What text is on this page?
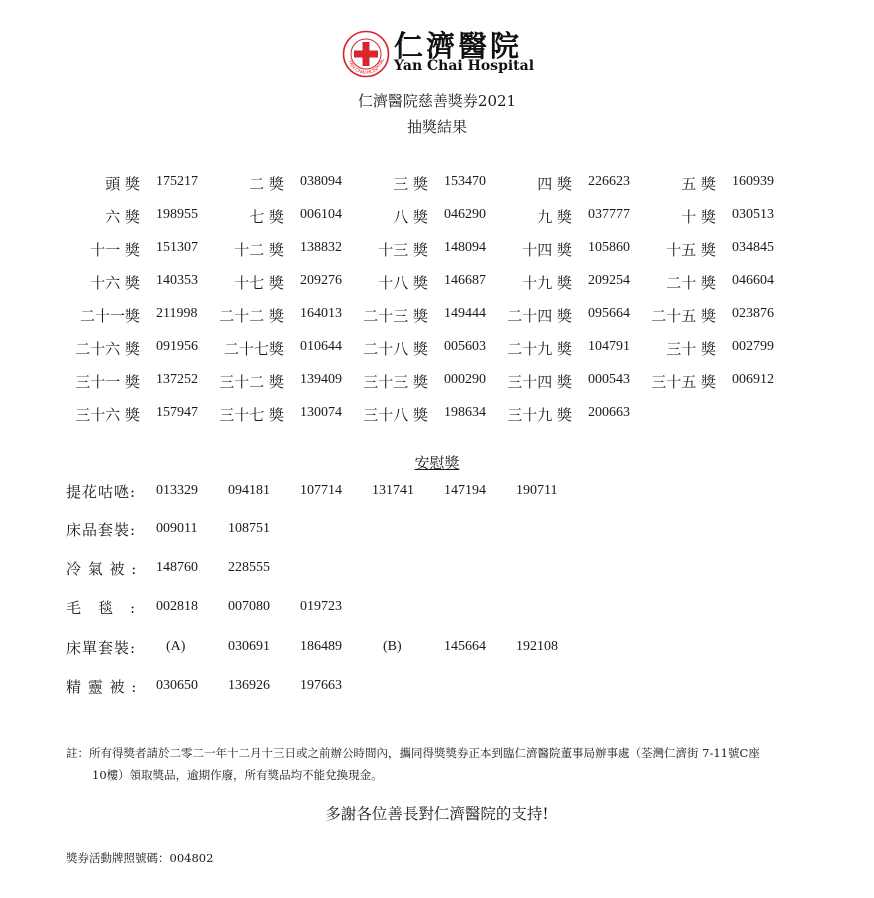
YAN CHAI HOSPITAL 仁濟醫院
Yan Chai Hospital
仁濟醫院慈善獎券2021
抽獎結果
頭 獎 175217	二 獎 038094	三 獎 153470	四 獎 226623	五 獎 160939
六 獎 198955	七 獎 006104	八 獎 046290	九 獎 037777	十 獎 030513
十一 獎 151307	十二 獎 138832	十三 獎 148094	十四 獎 105860	十五 獎 034845
十六 獎 140353	十七 獎 209276	十八 獎 146687	十九 獎 209254	二十 獎 046604
二十一獎 211998	二十二 獎 164013	二十三 獎 149444	二十四 獎 095664	二十五 獎 023876
二十六 獎 091956	二十七獎 010644	二十八 獎 005603	二十九 獎 104791	三十 獎 002799
三十一 獎 137252	三十二 獎 139409	三十三 獎 000290	三十四 獎 000543	三十五 獎 006912
三十六 獎 157947	三十七 獎 130074	三十八 獎 198634	三十九 獎 200663
安慰獎
提花咕𠱁: 013329 094181 107714 131741 147194 190711
床品套裝: 009011 108751
冷 氣 被 : 148760 228555
毛　毯　: 002818 007080 019723
床單套裝: (A)	030691 186489	(B)	145664 192108
精 靈 被 : 030650 136926 197663
註：所有得獎者請於二零二一年十二月十三日或之前辦公時間內，攜同得獎獎券正本到臨仁濟醫院董事局辦事處（荃灣仁濟街 7-11號C座
10樓）領取獎品，逾期作廢，所有獎品均不能兌換現金。
多謝各位善長對仁濟醫院的支持!
獎券活動牌照號碼：004802
